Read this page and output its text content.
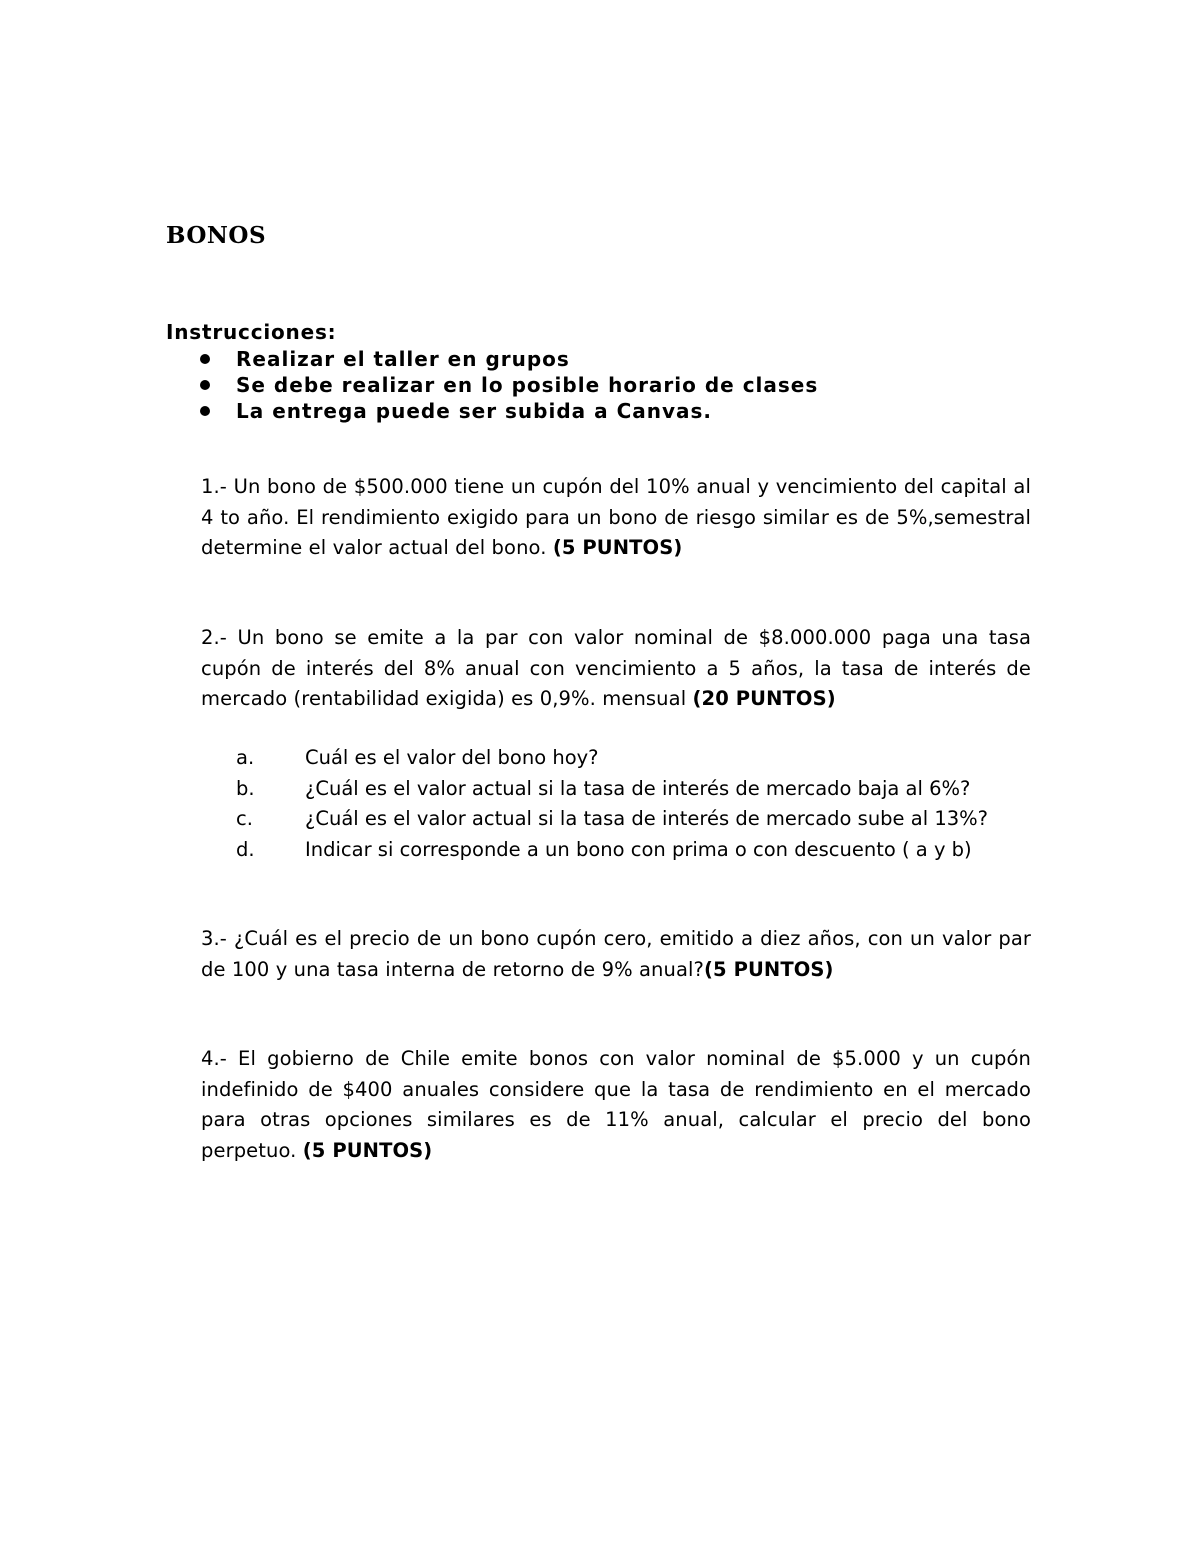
BONOS
Instrucciones:
Realizar el taller en grupos
Se debe realizar en lo posible horario de clases
La entrega puede ser subida a Canvas.
1.- Un bono de $500.000 tiene un cupón del 10% anual y vencimiento del capital al 4 to año. El rendimiento exigido para un bono de riesgo similar es de 5%,semestral determine el valor actual del bono. (5 PUNTOS)
2.- Un bono se emite a la par con valor nominal de $8.000.000 paga una tasa cupón de interés del 8% anual con vencimiento a 5 años, la tasa de interés de mercado (rentabilidad exigida) es 0,9%. mensual (20 PUNTOS)
a.	Cuál es el valor del bono hoy?
b.	¿Cuál es el valor actual si la tasa de interés de mercado baja al 6%?
c.	¿Cuál es el valor actual si la tasa de interés de mercado sube al 13%?
d.	Indicar si corresponde a un bono con prima o con descuento ( a y b)
3.- ¿Cuál es el precio de un bono cupón cero, emitido a diez años, con un valor par de 100 y una tasa interna de retorno de 9% anual?(5 PUNTOS)
4.- El gobierno de Chile emite bonos con valor nominal de $5.000 y un cupón indefinido de $400 anuales considere que la tasa de rendimiento en el mercado para otras opciones similares es de 11% anual, calcular el precio del bono perpetuo. (5 PUNTOS)
